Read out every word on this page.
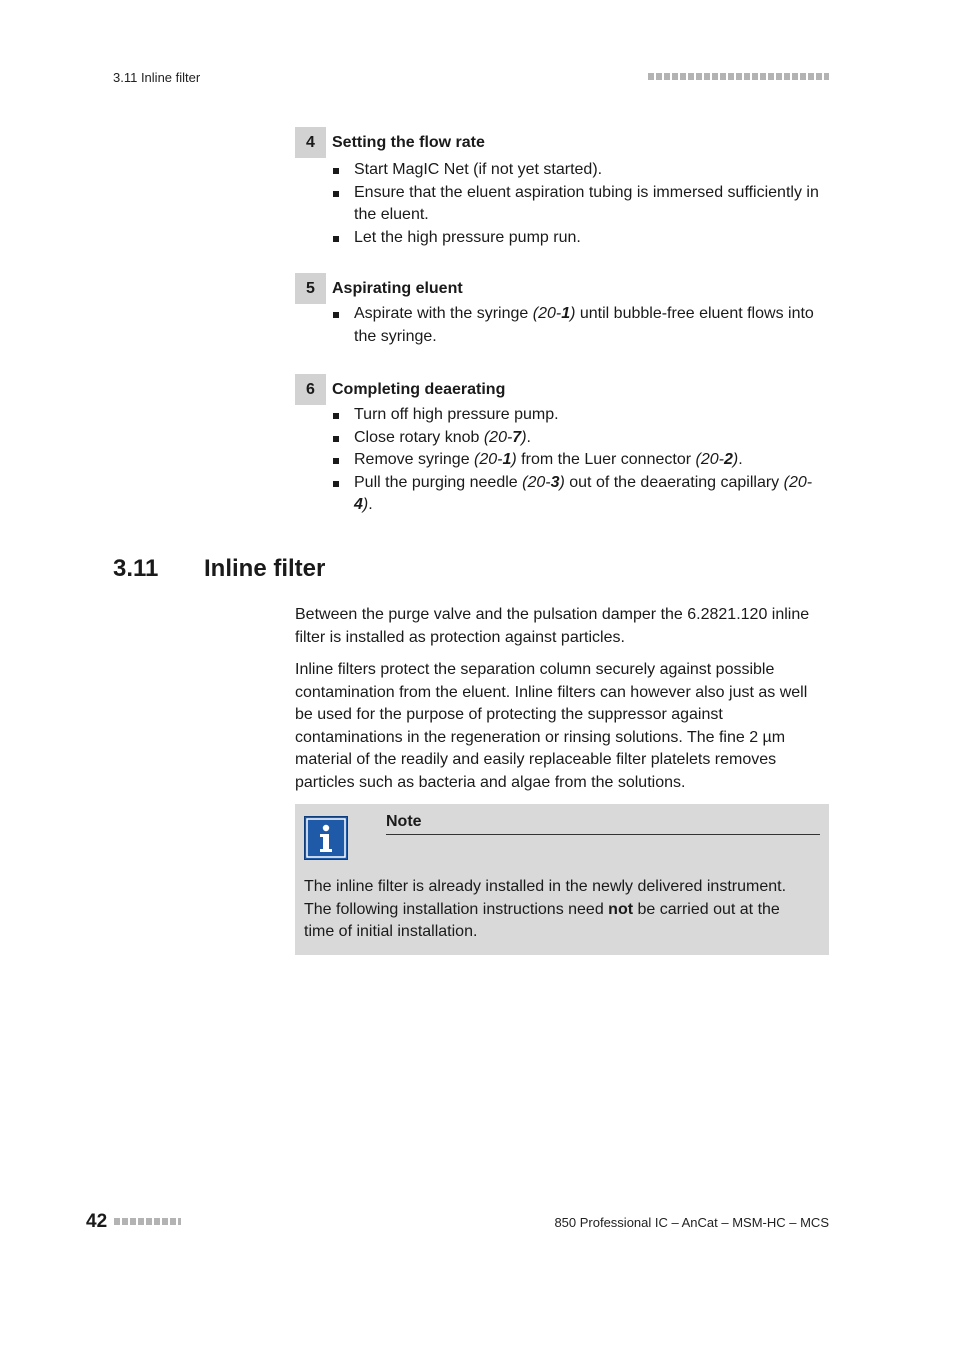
3.11 Inline filter
4	Setting the flow rate
Start MagIC Net (if not yet started).
Ensure that the eluent aspiration tubing is immersed sufficiently in the eluent.
Let the high pressure pump run.
5	Aspirating eluent
Aspirate with the syringe (20-1) until bubble-free eluent flows into the syringe.
6	Completing deaerating
Turn off high pressure pump.
Close rotary knob (20-7).
Remove syringe (20-1) from the Luer connector (20-2).
Pull the purging needle (20-3) out of the deaerating capillary (20-4).
3.11	Inline filter

Between the purge valve and the pulsation damper the 6.2821.120 inline filter is installed as protection against particles.

Inline filters protect the separation column securely against possible contamination from the eluent. Inline filters can however also just as well be used for the purpose of protecting the suppressor against contaminations in the regeneration or rinsing solutions. The fine 2 µm material of the readily and easily replaceable filter platelets removes particles such as bacteria and algae from the solutions.

Note
The inline filter is already installed in the newly delivered instrument. The following installation instructions need not be carried out at the time of initial installation.
42	850 Professional IC – AnCat – MSM-HC – MCS
